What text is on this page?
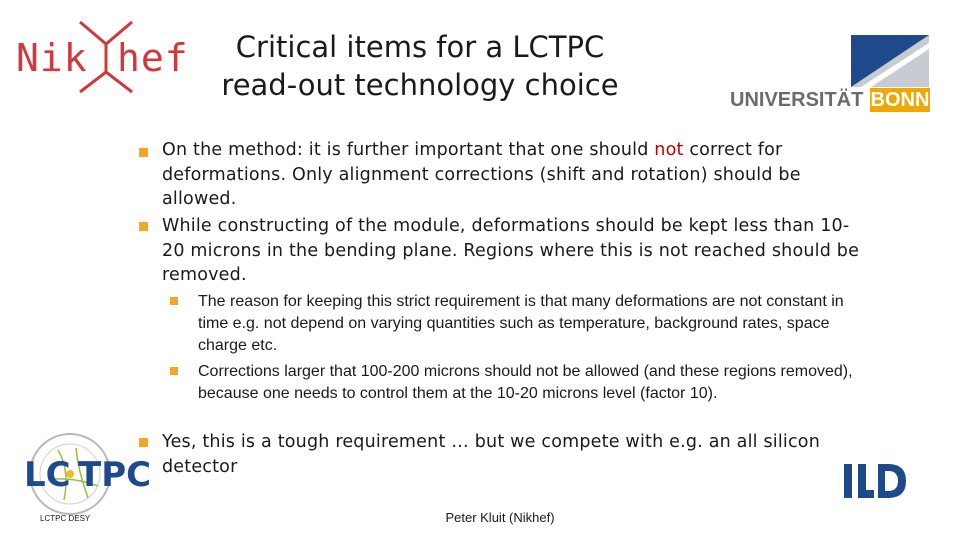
Nik hef	Critical items for a LCTPC read-out technology choice	UNIVERSITÄT BONN
On the method: it is further important that one should not correct for deformations. Only alignment corrections (shift and rotation) should be allowed.
While constructing of the module, deformations should be kept less than 10-20 microns in the bending plane. Regions where this is not reached should be removed.
The reason for keeping this strict requirement is that many deformations are not constant in time e.g. not depend on varying quantities such as temperature, background rates, space charge etc.
Corrections larger that 100-200 microns should not be allowed (and these regions removed), because one needs to control them at the 10-20 microns level (factor 10).
Yes, this is a tough requirement … but we compete with e.g. an all silicon detector
LC TPC
LCTPC DESY	Peter Kluit (Nikhef)
